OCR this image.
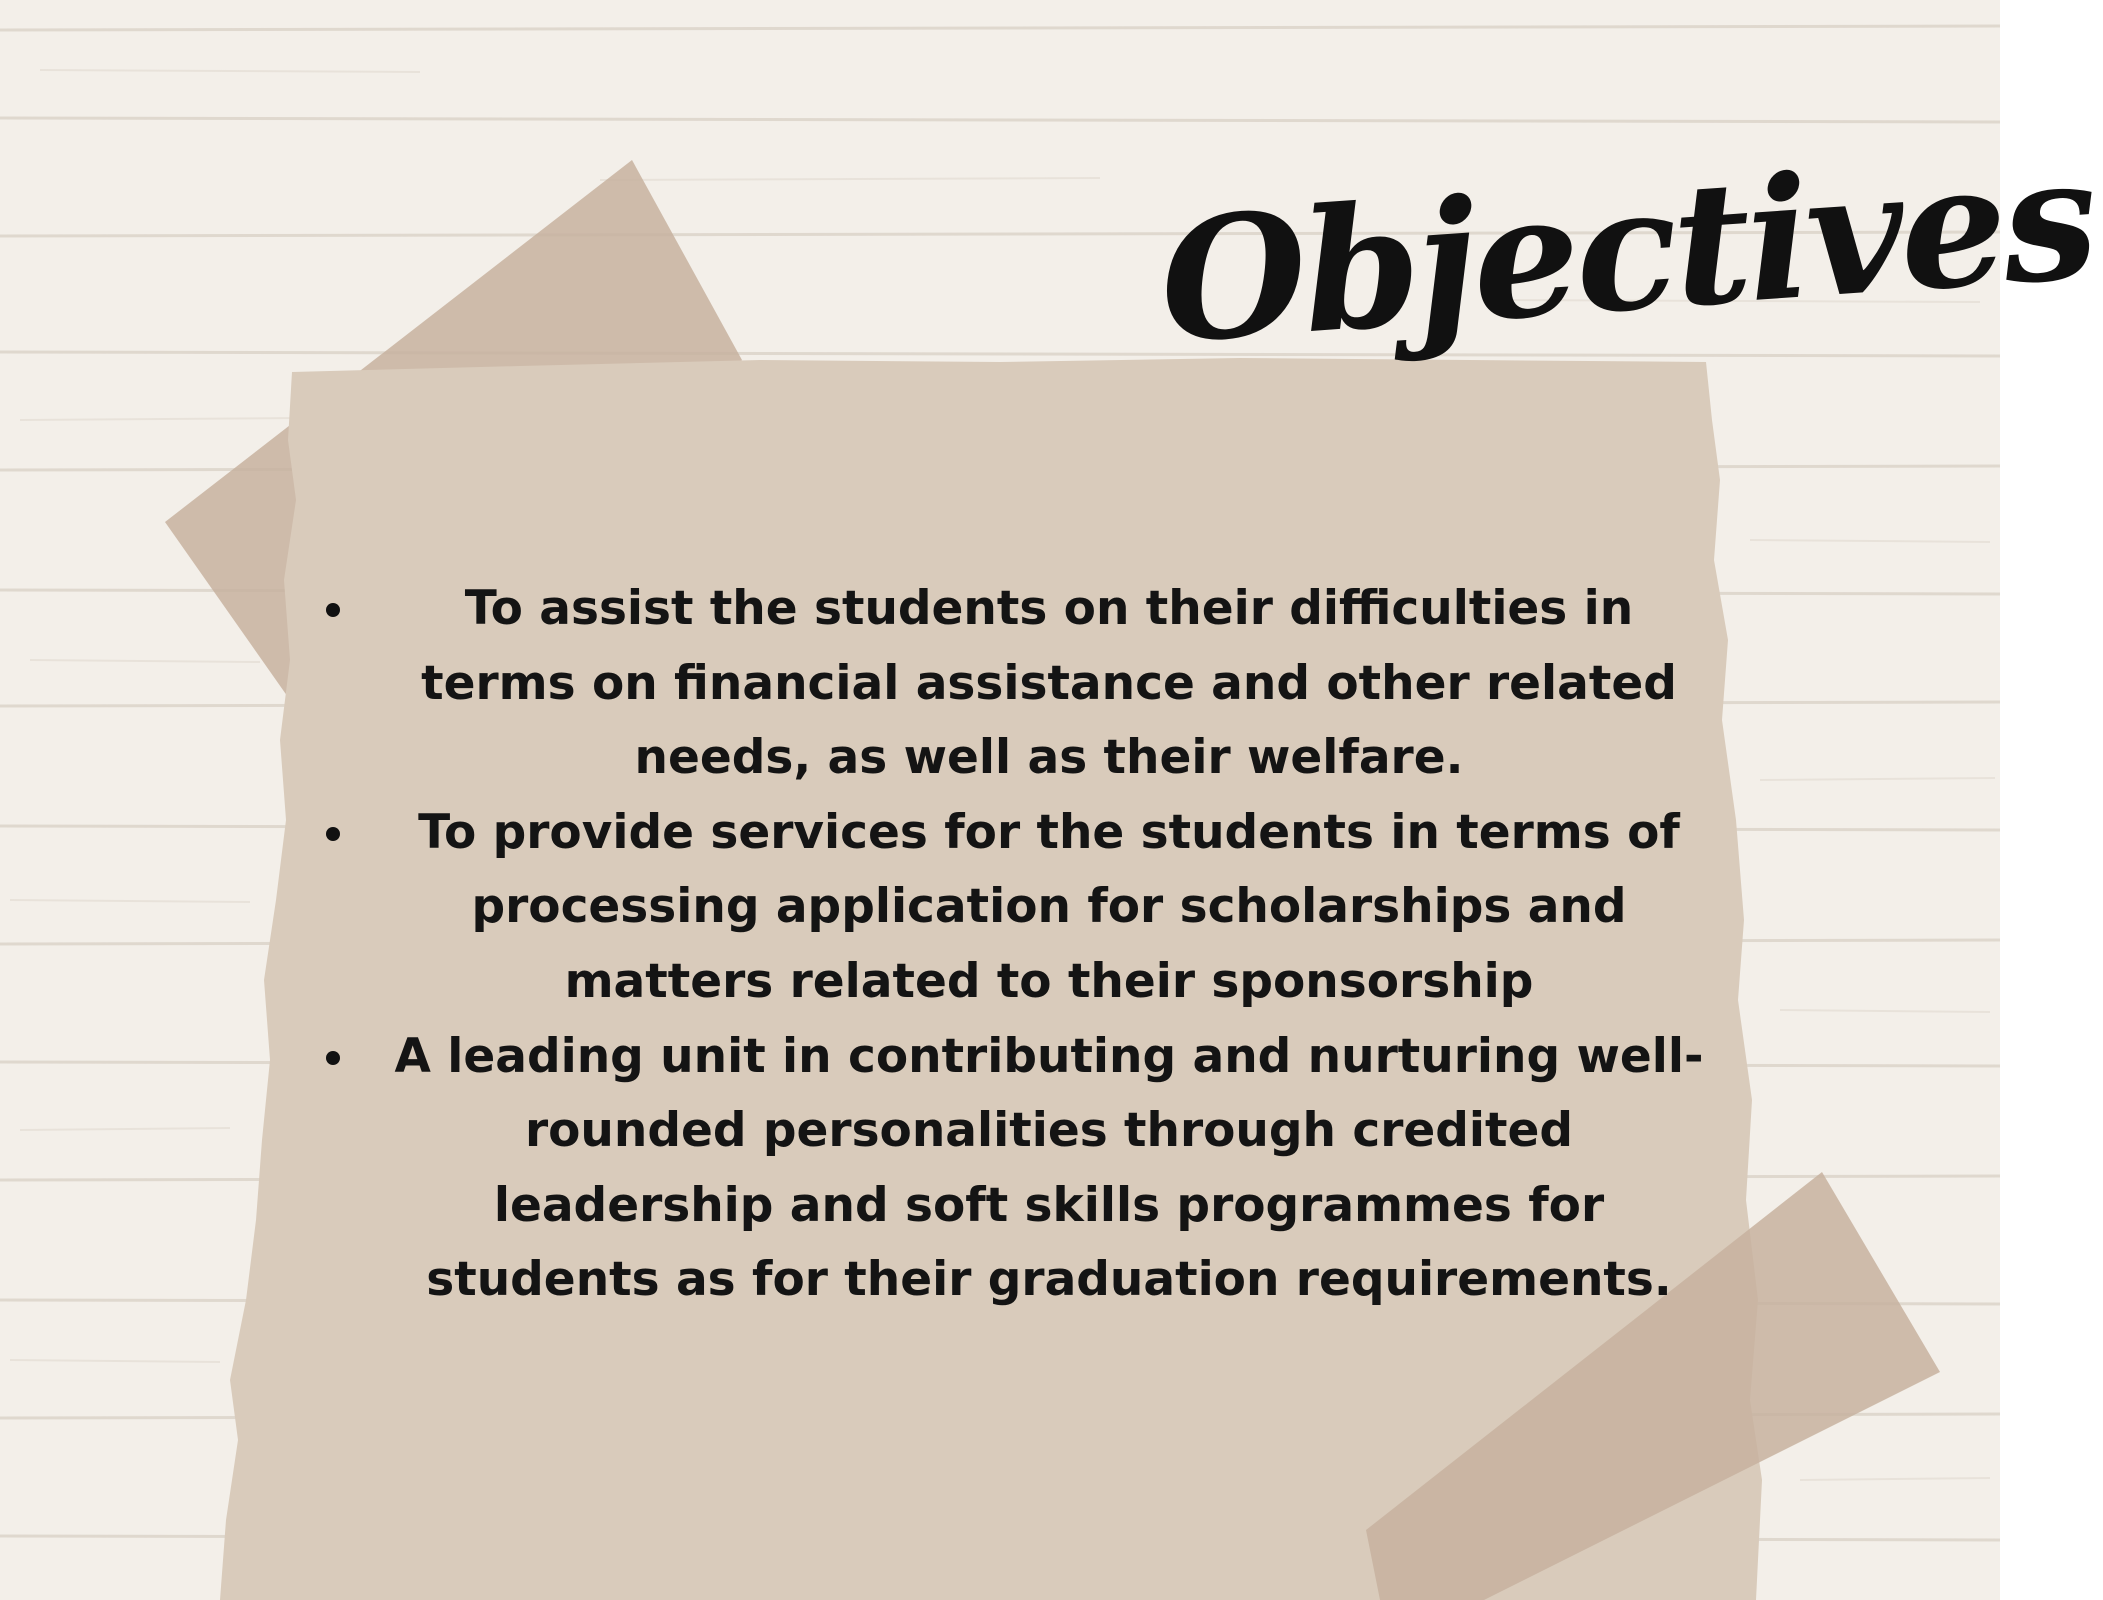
Objectives
To assist the students on their difficulties in terms on financial assistance and other related needs, as well as their welfare.
To provide services for the students in terms of processing application for scholarships and matters related to their sponsorship
A leading unit in contributing and nurturing well-rounded personalities through credited leadership and soft skills programmes for students as for their graduation requirements.
